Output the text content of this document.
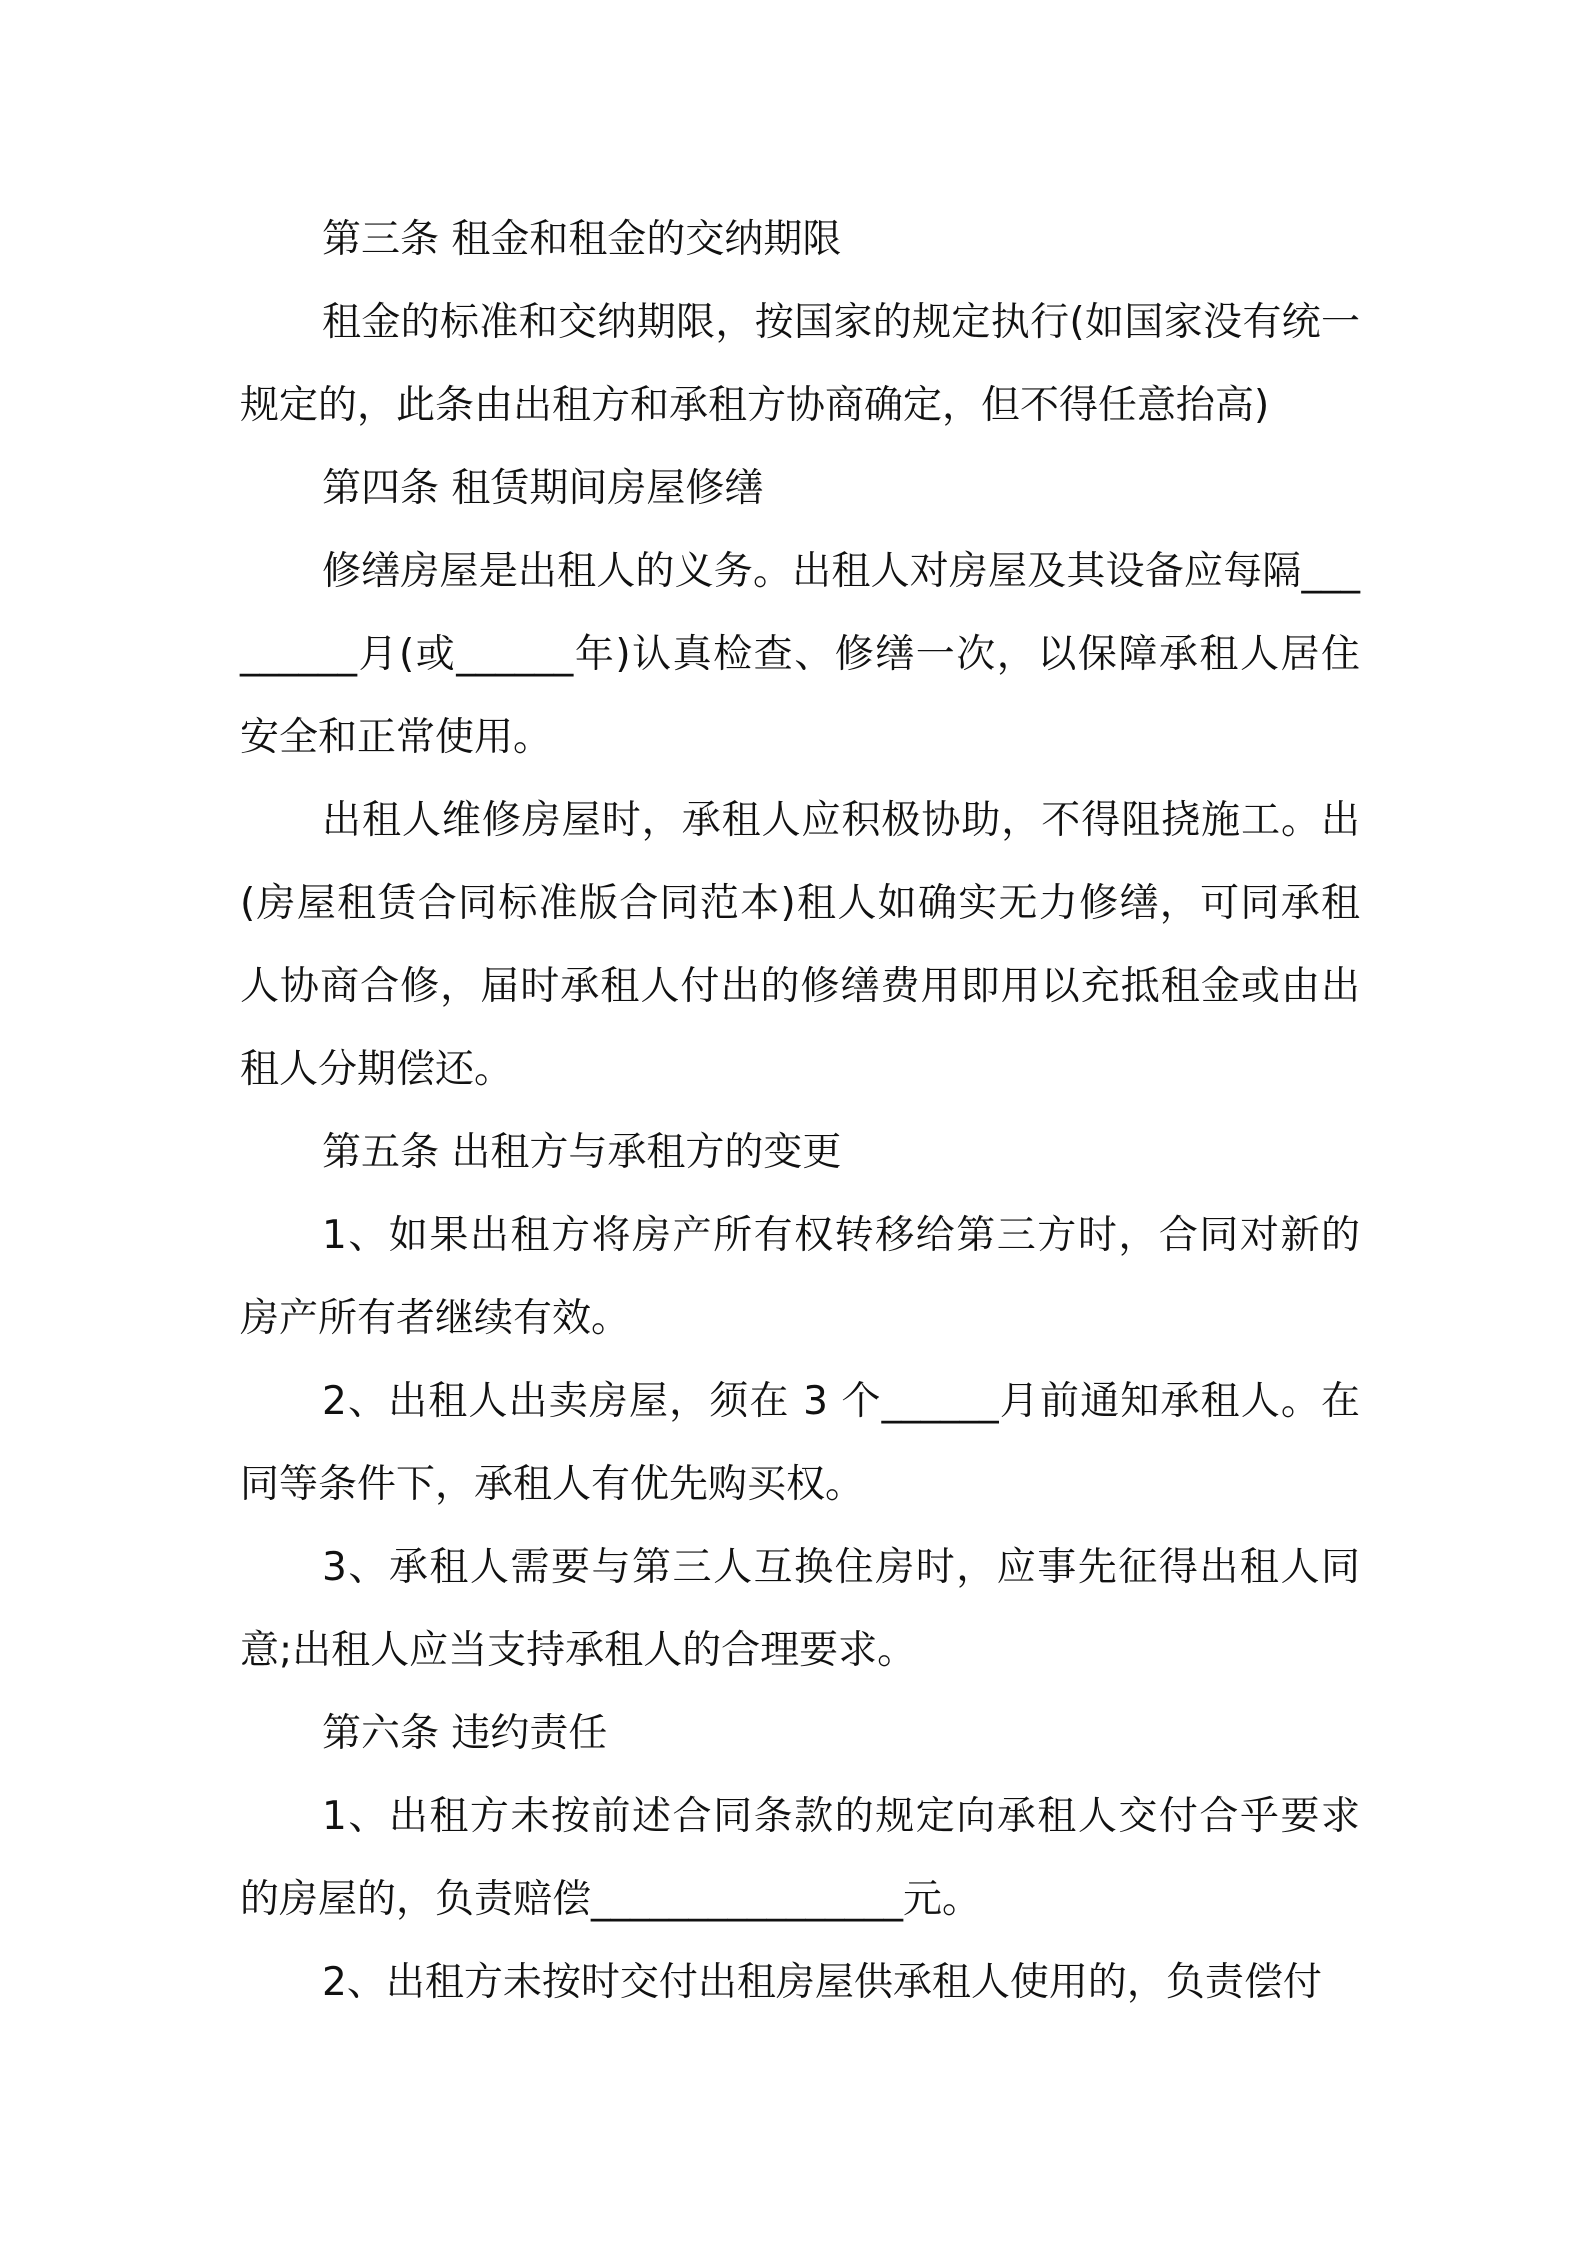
第三条 租金和租金的交纳期限

租金的标准和交纳期限，按国家的规定执行(如国家没有统一规定的，此条由出租方和承租方协商确定，但不得任意抬高)

第四条 租赁期间房屋修缮

修缮房屋是出租人的义务。出租人对房屋及其设备应每隔_________月(或______年)认真检查、修缮一次，以保障承租人居住安全和正常使用。

出租人维修房屋时，承租人应积极协助，不得阻挠施工。出(房屋租赁合同标准版合同范本)租人如确实无力修缮，可同承租人协商合修，届时承租人付出的修缮费用即用以充抵租金或由出租人分期偿还。

第五条 出租方与承租方的变更

1、如果出租方将房产所有权转移给第三方时，合同对新的房产所有者继续有效。

2、出租人出卖房屋，须在 3 个______月前通知承租人。在同等条件下，承租人有优先购买权。

3、承租人需要与第三人互换住房时，应事先征得出租人同意;出租人应当支持承租人的合理要求。

第六条 违约责任

1、出租方未按前述合同条款的规定向承租人交付合乎要求的房屋的，负责赔偿________________元。

2、出租方未按时交付出租房屋供承租人使用的，负责偿付
